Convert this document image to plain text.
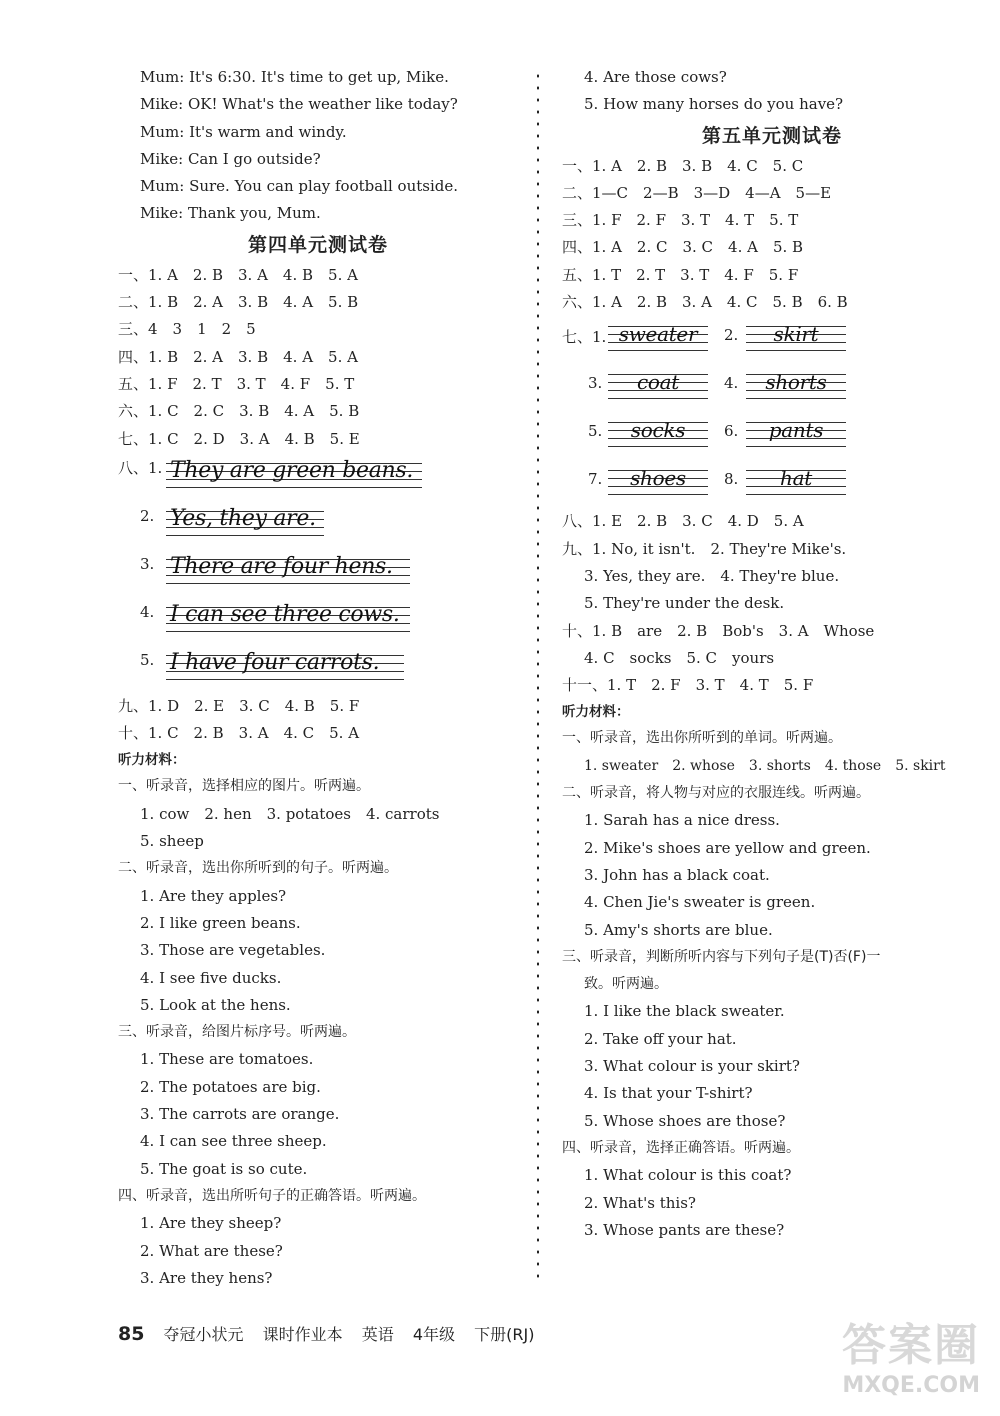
Mum: It's 6:30. It's time to get up, Mike.
Mike: OK! What's the weather like today?
Mum: It's warm and windy.
Mike: Can I go outside?
Mum: Sure. You can play football outside.
Mike: Thank you, Mum.
第四单元测试卷
一、1. A　2. B　3. A　4. B　5. A
二、1. B　2. A　3. B　4. A　5. B
三、4　3　1　2　5
四、1. B　2. A　3. B　4. A　5. A
五、1. F　2. T　3. T　4. F　5. T
六、1. C　2. C　3. B　4. A　5. B
七、1. C　2. D　3. A　4. B　5. E
八、1. They are green beans.
2. Yes, they are.
3. There are four hens.
4. I can see three cows.
5. I have four carrots.
九、1. D　2. E　3. C　4. B　5. F
十、1. C　2. B　3. A　4. C　5. A
听力材料：
一、听录音，选择相应的图片。听两遍。
1. cow　2. hen　3. potatoes　4. carrots
5. sheep
二、听录音，选出你所听到的句子。听两遍。
1. Are they apples?
2. I like green beans.
3. Those are vegetables.
4. I see five ducks.
5. Look at the hens.
三、听录音，给图片标序号。听两遍。
1. These are tomatoes.
2. The potatoes are big.
3. The carrots are orange.
4. I can see three sheep.
5. The goat is so cute.
四、听录音，选出所听句子的正确答语。听两遍。
1. Are they sheep?
2. What are these?
3. Are they hens?
4. Are those cows?
5. How many horses do you have?
第五单元测试卷
一、1. A　2. B　3. B　4. C　5. C
二、1—C　2—B　3—D　4—A　5—E
三、1. F　2. F　3. T　4. T　5. T
四、1. A　2. C　3. C　4. A　5. B
五、1. T　2. T　3. T　4. F　5. F
六、1. A　2. B　3. A　4. C　5. B　6. B
七、1. sweater	2.	skirt
3.	coat	4.	shorts
5.	socks	6.	pants
7.	shoes	8.	hat
八、1. E　2. B　3. C　4. D　5. A
九、1. No, it isn't.　2. They're Mike's.
3. Yes, they are.　4. They're blue.
5. They're under the desk.
十、1. B　are　2. B　Bob's　3. A　Whose
4. C　socks　5. C　yours
十一、1. T　2. F　3. T　4. T　5. F
听力材料：
一、听录音，选出你所听到的单词。听两遍。
1. sweater　2. whose　3. shorts　4. those　5. skirt
二、听录音，将人物与对应的衣服连线。听两遍。
1. Sarah has a nice dress.
2. Mike's shoes are yellow and green.
3. John has a black coat.
4. Chen Jie's sweater is green.
5. Amy's shorts are blue.
三、听录音，判断所听内容与下列句子是(T)否(F)一
致。听两遍。
1. I like the black sweater.
2. Take off your hat.
3. What colour is your skirt?
4. Is that your T-shirt?
5. Whose shoes are those?
四、听录音，选择正确答语。听两遍。
1. What colour is this coat?
2. What's this?
3. Whose pants are these?
85 夺冠小状元 课时作业本 英语 4年级 下册(RJ)	答案圈
MXQE.COM
